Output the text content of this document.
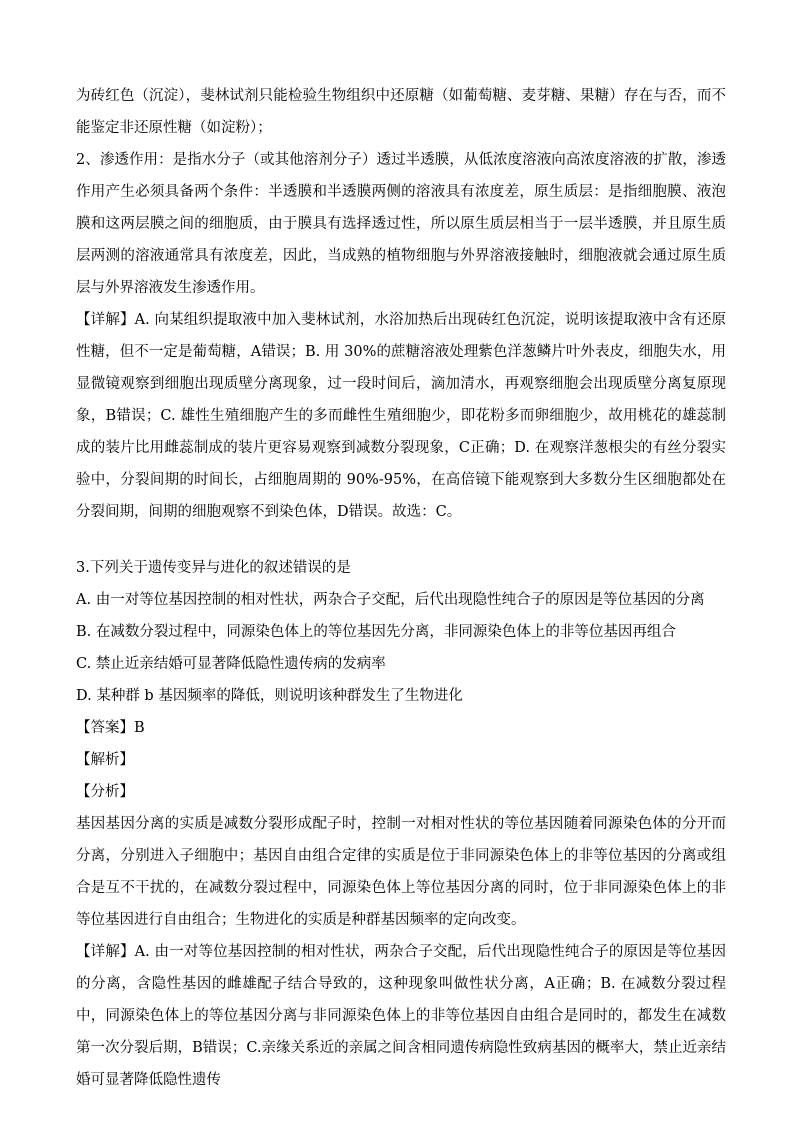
为砖红色（沉淀），斐林试剂只能检验生物组织中还原糖（如葡萄糖、麦芽糖、果糖）存在与否，而不能鉴定非还原性糖（如淀粉）；

2、渗透作用：是指水分子（或其他溶剂分子）透过半透膜，从低浓度溶液向高浓度溶液的扩散，渗透作用产生必须具备两个条件：半透膜和半透膜两侧的溶液具有浓度差，原生质层：是指细胞膜、液泡膜和这两层膜之间的细胞质，由于膜具有选择透过性，所以原生质层相当于一层半透膜，并且原生质层两测的溶液通常具有浓度差，因此，当成熟的植物细胞与外界溶液接触时，细胞液就会通过原生质层与外界溶液发生渗透作用。

【详解】A. 向某组织提取液中加入斐林试剂，水浴加热后出现砖红色沉淀，说明该提取液中含有还原性糖，但不一定是葡萄糖，A错误；B. 用 30%的蔗糖溶液处理紫色洋葱鳞片叶外表皮，细胞失水，用显微镜观察到细胞出现质壁分离现象，过一段时间后，滴加清水，再观察细胞会出现质壁分离复原现象，B错误；C. 雄性生殖细胞产生的多而雌性生殖细胞少，即花粉多而卵细胞少，故用桃花的雄蕊制成的装片比用雌蕊制成的装片更容易观察到减数分裂现象，C正确；D. 在观察洋葱根尖的有丝分裂实验中，分裂间期的时间长，占细胞周期的 90%-95%，在高倍镜下能观察到大多数分生区细胞都处在分裂间期，间期的细胞观察不到染色体，D错误。故选：C。

3.下列关于遗传变异与进化的叙述错误的是

A. 由一对等位基因控制的相对性状，两杂合子交配，后代出现隐性纯合子的原因是等位基因的分离

B. 在减数分裂过程中，同源染色体上的等位基因先分离，非同源染色体上的非等位基因再组合

C. 禁止近亲结婚可显著降低隐性遗传病的发病率

D. 某种群 b 基因频率的降低，则说明该种群发生了生物进化

【答案】B

【解析】

【分析】

基因基因分离的实质是减数分裂形成配子时，控制一对相对性状的等位基因随着同源染色体的分开而分离，分别进入子细胞中；基因自由组合定律的实质是位于非同源染色体上的非等位基因的分离或组合是互不干扰的，在减数分裂过程中，同源染色体上等位基因分离的同时，位于非同源染色体上的非等位基因进行自由组合；生物进化的实质是种群基因频率的定向改变。

【详解】A. 由一对等位基因控制的相对性状，两杂合子交配，后代出现隐性纯合子的原因是等位基因的分离，含隐性基因的雌雄配子结合导致的，这种现象叫做性状分离，A正确；B. 在减数分裂过程中，同源染色体上的等位基因分离与非同源染色体上的非等位基因自由组合是同时的，都发生在减数第一次分裂后期，B错误；C.亲缘关系近的亲属之间含相同遗传病隐性致病基因的概率大，禁止近亲结婚可显著降低隐性遗传
